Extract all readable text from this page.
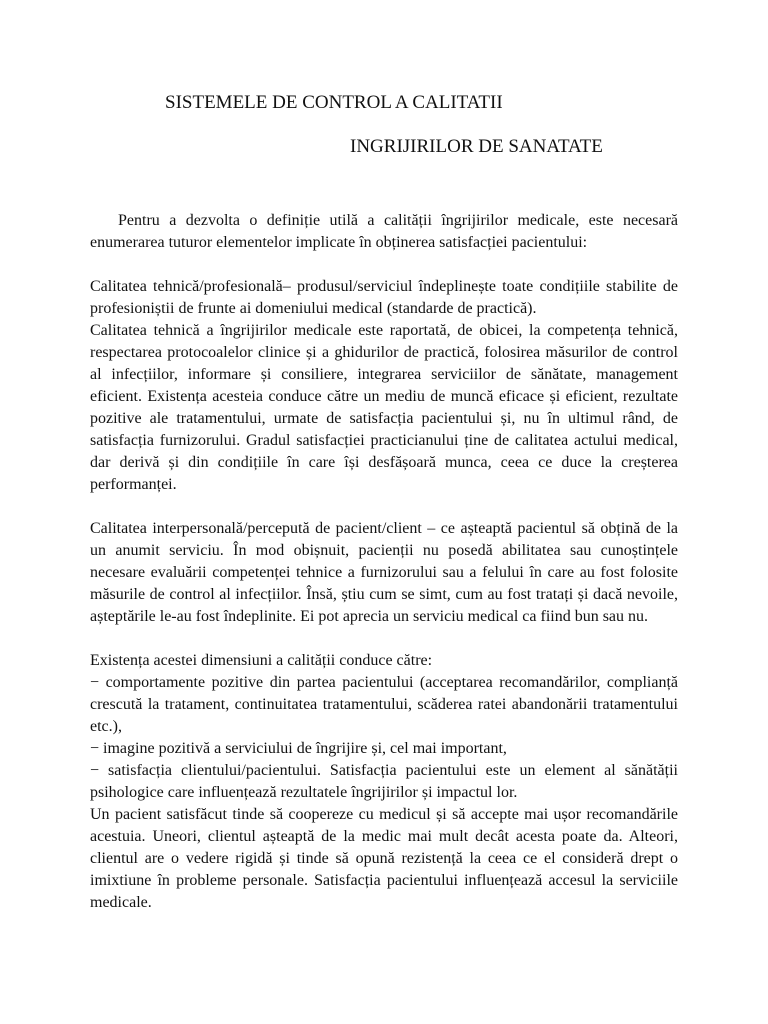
SISTEMELE DE CONTROL A CALITATII
INGRIJIRILOR DE SANATATE

Pentru a dezvolta o definiție utilă a calității îngrijirilor medicale, este necesară enumerarea tuturor elementelor implicate în obținerea satisfacției pacientului:

Calitatea tehnică/profesională– produsul/serviciul îndeplinește toate condițiile stabilite de profesioniștii de frunte ai domeniului medical (standarde de practică).

Calitatea tehnică a îngrijirilor medicale este raportată, de obicei, la competența tehnică, respectarea protocoalelor clinice și a ghidurilor de practică, folosirea măsurilor de control al infecțiilor, informare și consiliere, integrarea serviciilor de sănătate, management eficient. Existența acesteia conduce către un mediu de muncă eficace și eficient, rezultate pozitive ale tratamentului, urmate de satisfacția pacientului și, nu în ultimul rând, de satisfacția furnizorului. Gradul satisfacției practicianului ține de calitatea actului medical, dar derivă și din condițiile în care își desfășoară munca, ceea ce duce la creșterea performanței.

Calitatea interpersonală/percepută de pacient/client – ce așteaptă pacientul să obțină de la un anumit serviciu. În mod obișnuit, pacienții nu posedă abilitatea sau cunoștințele necesare evaluării competenței tehnice a furnizorului sau a felului în care au fost folosite măsurile de control al infecțiilor. Însă, știu cum se simt, cum au fost tratați și dacă nevoile, așteptările le-au fost îndeplinite. Ei pot aprecia un serviciu medical ca fiind bun sau nu.

Existența acestei dimensiuni a calității conduce către:

− comportamente pozitive din partea pacientului (acceptarea recomandărilor, complianță crescută la tratament, continuitatea tratamentului, scăderea ratei abandonării tratamentului etc.),

− imagine pozitivă a serviciului de îngrijire și, cel mai important,

− satisfacția clientului/pacientului. Satisfacția pacientului este un element al sănătății psihologice care influențează rezultatele îngrijirilor și impactul lor.

Un pacient satisfăcut tinde să coopereze cu medicul și să accepte mai ușor recomandările acestuia. Uneori, clientul așteaptă de la medic mai mult decât acesta poate da. Alteori, clientul are o vedere rigidă și tinde să opună rezistență la ceea ce el consideră drept o imixtiune în probleme personale. Satisfacția pacientului influențează accesul la serviciile medicale.
